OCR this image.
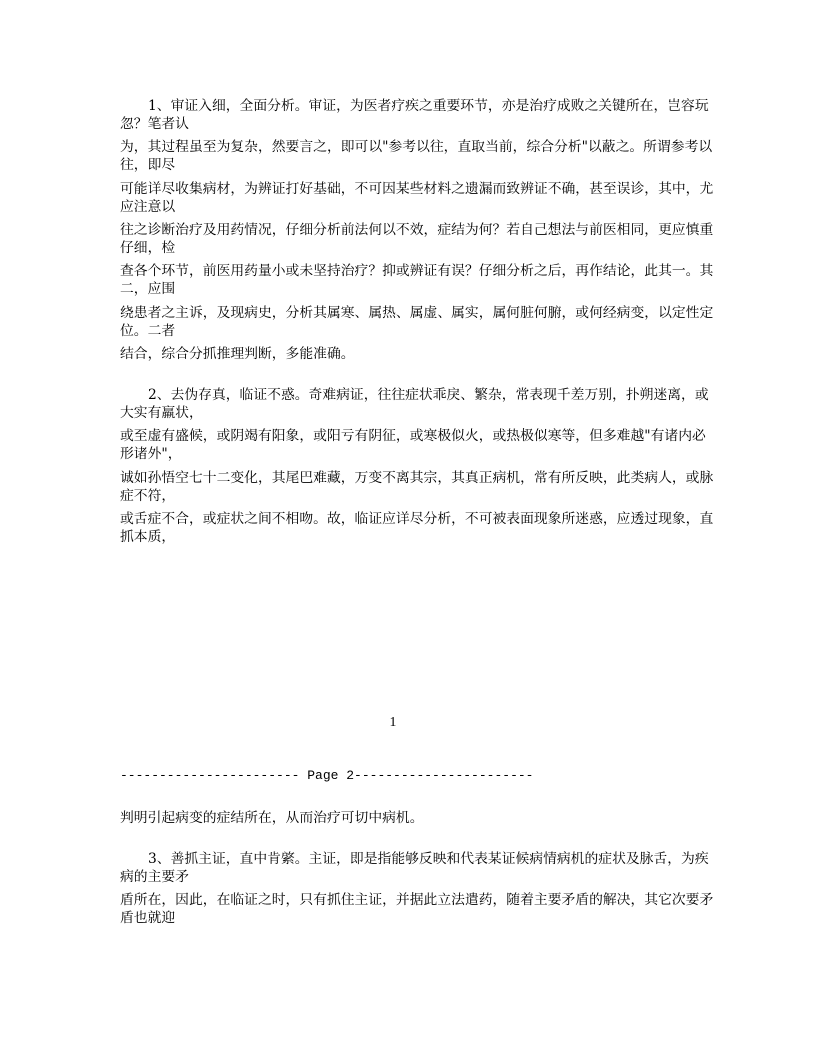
1、审证入细，全面分析。审证，为医者疗疾之重要环节，亦是治疗成败之关键所在，岂容玩忽？笔者认
为，其过程虽至为复杂，然要言之，即可以"参考以往，直取当前，综合分析"以蔽之。所谓参考以往，即尽
可能详尽收集病材，为辨证打好基础，不可因某些材料之遗漏而致辨证不确，甚至误诊，其中，尤应注意以
往之诊断治疗及用药情况，仔细分析前法何以不效，症结为何？若自己想法与前医相同，更应慎重仔细，检
查各个环节，前医用药量小或未坚持治疗？抑或辨证有误？仔细分析之后，再作结论，此其一。其二，应围
绕患者之主诉，及现病史，分析其属寒、属热、属虚、属实，属何脏何腑，或何经病变，以定性定位。二者
结合，综合分抓推理判断，多能准确。
2、去伪存真，临证不惑。奇难病证，往往症状乖戾、繁杂，常表现千差万别，扑朔迷离，或大实有羸状，
或至虚有盛候，或阴竭有阳象，或阳亏有阴征，或寒极似火，或热极似寒等，但多难越"有诸内必形诸外"，
诚如孙悟空七十二变化，其尾巴难藏，万变不离其宗，其真正病机，常有所反映，此类病人，或脉症不符，
或舌症不合，或症状之间不相吻。故，临证应详尽分析，不可被表面现象所迷惑，应透过现象，直抓本质，
1
----------------------- Page 2-----------------------
判明引起病变的症结所在，从而治疗可切中病机。
3、善抓主证，直中肯綮。主证，即是指能够反映和代表某证候病情病机的症状及脉舌，为疾病的主要矛
盾所在，因此，在临证之时，只有抓住主证，并据此立法遣药，随着主要矛盾的解决，其它次要矛盾也就迎
